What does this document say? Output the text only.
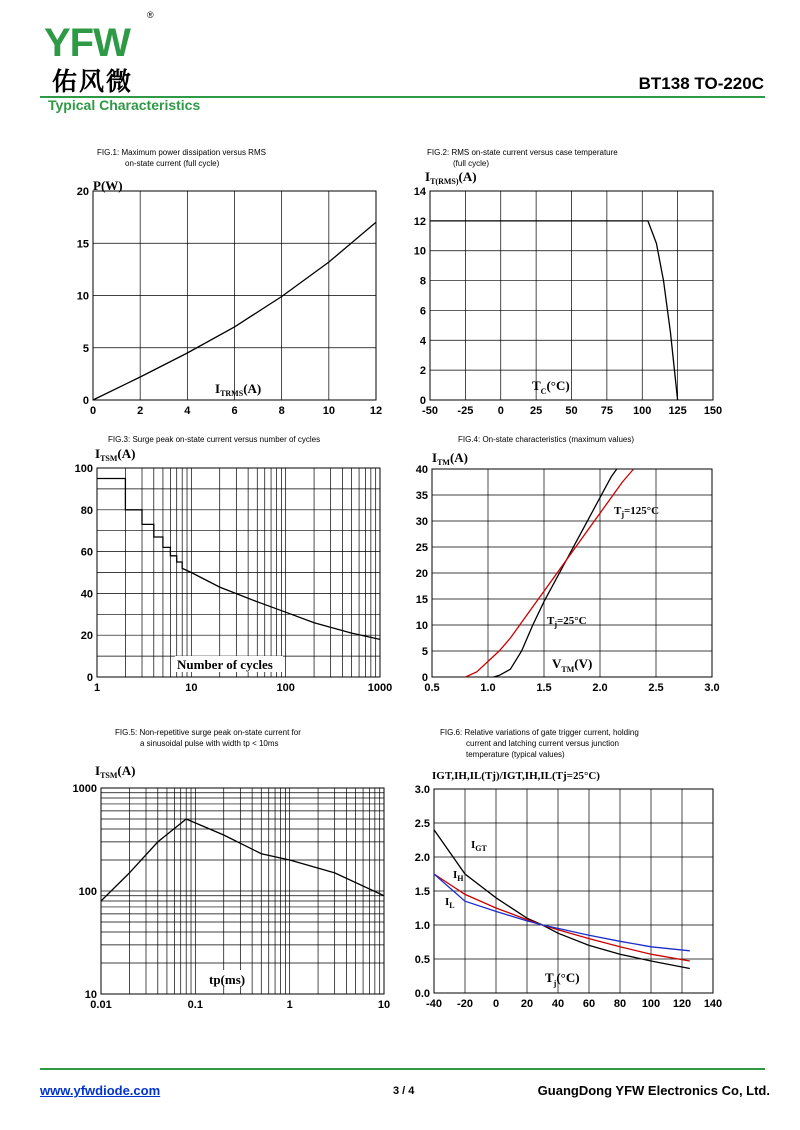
YFW
®
佑风微	BT138 TO-220C
Typical Characteristics
FIG.1: Maximum power dissipation versus RMS
on-state current (full cycle)
0	2	4	6	8	10	12
0
5
10
15
20 P(W)
$I_{TRMS}(A)$
FIG.2: RMS on-state current versus case temperature
(full cycle)
-50 -25 0 25 50 75 100 125 150
0
2
4
6
8
10
12
14
$I_{T(RMS)}(A)$
$T_C(^\circ C)$
FIG.3: Surge peak on-state current versus number of cycles
0
20
40
60
80
100
1	10	100	1000
$I_{TSM}(A)$
Number of cycles
FIG.4: On-state characteristics (maximum values)
0.5	1.0	1.5	2.0	2.5	3.0
0
5
10
15
20
25
30
35
40
$I_{TM}(A)$
$T_j=125^\circ C$
$T_j=25^\circ C$
$V_{TM}(V)$
FIG.5: Non-repetitive surge peak on-state current for
a sinusoidal pulse with width tp < 10ms
0.01	0.1	1	10
10
100
1000
$I_{TSM}(A)$
tp(ms)
FIG.6: Relative variations of gate trigger current, holding
current and latching current versus junction
temperature (typical values)
-40 -20 0 20 40 60 80 100 120 140
0.0
0.5
1.0
1.5
2.0
2.5
3.0
IGT,IH,IL(Tj)/IGT,IH,IL(Tj=25°C)
$I_{GT}$
$I_H$
$I_L$
$T_j(^\circ C)$
www.yfwdiode.com	3 / 4	GuangDong YFW Electronics Co, Ltd.
